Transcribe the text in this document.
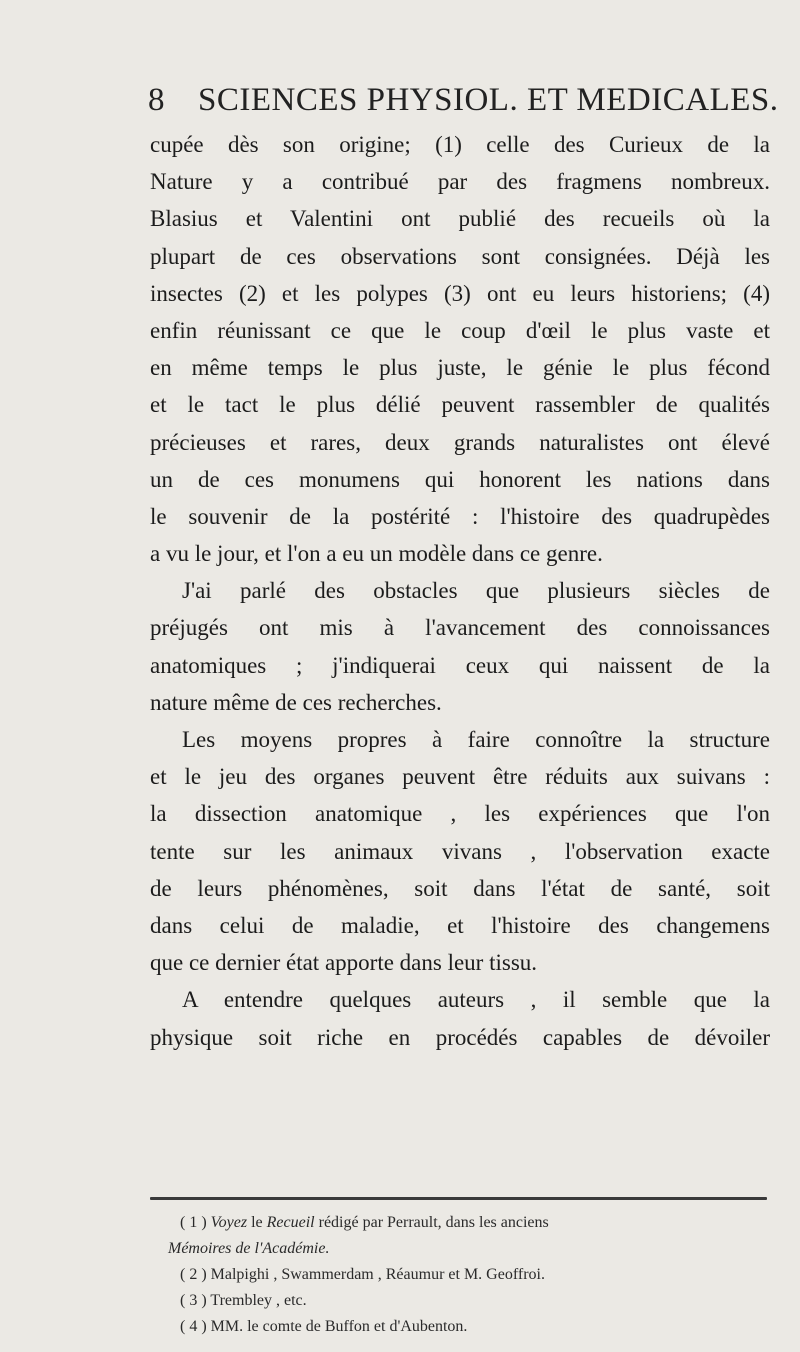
8 SCIENCES PHYSIOL. ET MEDICALES.
cupée dès son origine; (1) celle des Curieux de la
Nature y a contribué par des fragmens nombreux.
Blasius et Valentini ont publié des recueils où la
plupart de ces observations sont consignées. Déjà les
insectes (2) et les polypes (3) ont eu leurs historiens; (4)
enfin réunissant ce que le coup d'œil le plus vaste et
en même temps le plus juste, le génie le plus fécond
et le tact le plus délié peuvent rassembler de qualités
précieuses et rares, deux grands naturalistes ont élevé
un de ces monumens qui honorent les nations dans
le souvenir de la postérité : l'histoire des quadrupèdes
a vu le jour, et l'on a eu un modèle dans ce genre.
J'ai parlé des obstacles que plusieurs siècles de
préjugés ont mis à l'avancement des connoissances
anatomiques ; j'indiquerai ceux qui naissent de la
nature même de ces recherches.
Les moyens propres à faire connoître la structure
et le jeu des organes peuvent être réduits aux suivans :
la dissection anatomique , les expériences que l'on
tente sur les animaux vivans , l'observation exacte
de leurs phénomènes, soit dans l'état de santé, soit
dans celui de maladie, et l'histoire des changemens
que ce dernier état apporte dans leur tissu.
A entendre quelques auteurs , il semble que la
physique soit riche en procédés capables de dévoiler
( 1 ) Voyez le Recueil rédigé par Perrault, dans les anciens
Mémoires de l'Académie.
( 2 ) Malpighi , Swammerdam , Réaumur et M. Geoffroi.
( 3 ) Trembley , etc.
( 4 ) MM. le comte de Buffon et d'Aubenton.
